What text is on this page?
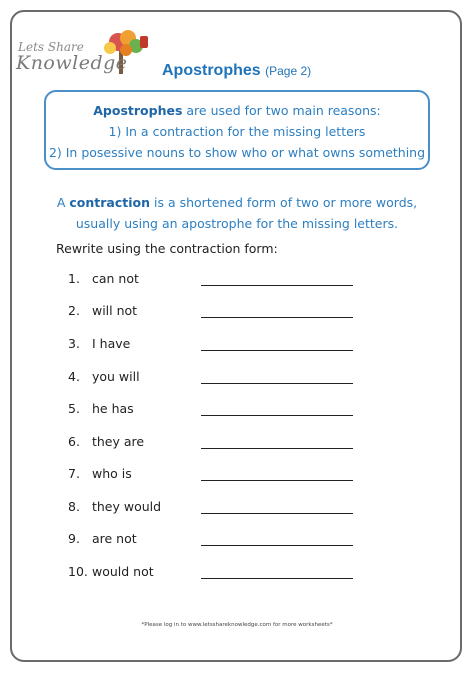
Lets Share
Knowledge Apostrophes (Page 2)
Apostrophes are used for two main reasons:
1) In a contraction for the missing letters
2) In posessive nouns to show who or what owns something
A contraction is a shortened form of two or more words,
usually using an apostrophe for the missing letters.
Rewrite using the contraction form:
1. can not
2. will not
3. I have
4. you will
5. he has
6. they are
7. who is
8. they would
9. are not
10. would not
*Please log in to www.letsshareknowledge.com for more worksheets*
